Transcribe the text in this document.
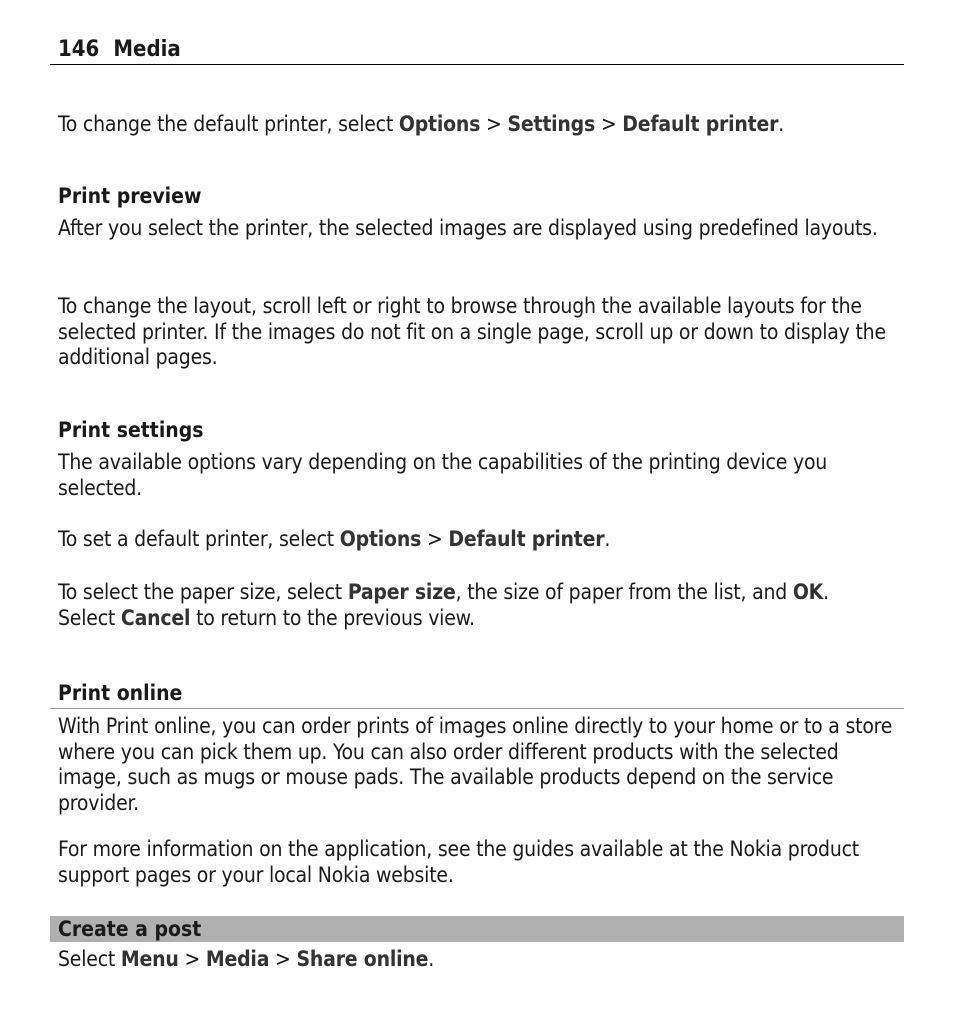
146 Media
To change the default printer, select Options > Settings > Default printer.
Print preview
After you select the printer, the selected images are displayed using predefined layouts.
To change the layout, scroll left or right to browse through the available layouts for the selected printer. If the images do not fit on a single page, scroll up or down to display the additional pages.
Print settings
The available options vary depending on the capabilities of the printing device you selected.
To set a default printer, select Options > Default printer.
To select the paper size, select Paper size, the size of paper from the list, and OK.
Select Cancel to return to the previous view.
Print online
With Print online, you can order prints of images online directly to your home or to a store where you can pick them up. You can also order different products with the selected image, such as mugs or mouse pads. The available products depend on the service provider.
For more information on the application, see the guides available at the Nokia product support pages or your local Nokia website.
Create a post
Select Menu > Media > Share online.
